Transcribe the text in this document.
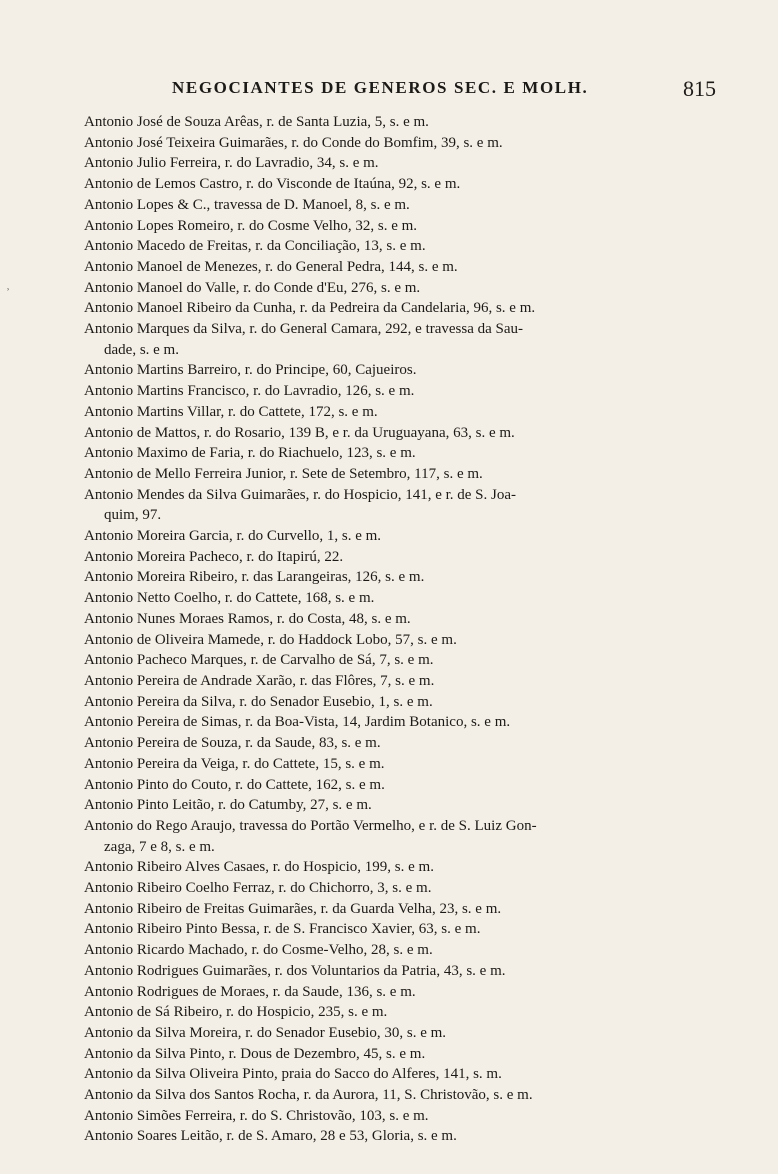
NEGOCIANTES DE GENEROS SEC. E MOLH.	815
˒
Antonio José de Souza Arêas, r. de Santa Luzia, 5, s. e m.
Antonio José Teixeira Guimarães, r. do Conde do Bomfim, 39, s. e m.
Antonio Julio Ferreira, r. do Lavradio, 34, s. e m.
Antonio de Lemos Castro, r. do Visconde de Itaúna, 92, s. e m.
Antonio Lopes & C., travessa de D. Manoel, 8, s. e m.
Antonio Lopes Romeiro, r. do Cosme Velho, 32, s. e m.
Antonio Macedo de Freitas, r. da Conciliação, 13, s. e m.
Antonio Manoel de Menezes, r. do General Pedra, 144, s. e m.
Antonio Manoel do Valle, r. do Conde d'Eu, 276, s. e m.
Antonio Manoel Ribeiro da Cunha, r. da Pedreira da Candelaria, 96, s. e m.
Antonio Marques da Silva, r. do General Camara, 292, e travessa da Sau-
dade, s. e m.
Antonio Martins Barreiro, r. do Principe, 60, Cajueiros.
Antonio Martins Francisco, r. do Lavradio, 126, s. e m.
Antonio Martins Villar, r. do Cattete, 172, s. e m.
Antonio de Mattos, r. do Rosario, 139 B, e r. da Uruguayana, 63, s. e m.
Antonio Maximo de Faria, r. do Riachuelo, 123, s. e m.
Antonio de Mello Ferreira Junior, r. Sete de Setembro, 117, s. e m.
Antonio Mendes da Silva Guimarães, r. do Hospicio, 141, e r. de S. Joa-
quim, 97.
Antonio Moreira Garcia, r. do Curvello, 1, s. e m.
Antonio Moreira Pacheco, r. do Itapirú, 22.
Antonio Moreira Ribeiro, r. das Larangeiras, 126, s. e m.
Antonio Netto Coelho, r. do Cattete, 168, s. e m.
Antonio Nunes Moraes Ramos, r. do Costa, 48, s. e m.
Antonio de Oliveira Mamede, r. do Haddock Lobo, 57, s. e m.
Antonio Pacheco Marques, r. de Carvalho de Sá, 7, s. e m.
Antonio Pereira de Andrade Xarão, r. das Flôres, 7, s. e m.
Antonio Pereira da Silva, r. do Senador Eusebio, 1, s. e m.
Antonio Pereira de Simas, r. da Boa-Vista, 14, Jardim Botanico, s. e m.
Antonio Pereira de Souza, r. da Saude, 83, s. e m.
Antonio Pereira da Veiga, r. do Cattete, 15, s. e m.
Antonio Pinto do Couto, r. do Cattete, 162, s. e m.
Antonio Pinto Leitão, r. do Catumby, 27, s. e m.
Antonio do Rego Araujo, travessa do Portão Vermelho, e r. de S. Luiz Gon-
zaga, 7 e 8, s. e m.
Antonio Ribeiro Alves Casaes, r. do Hospicio, 199, s. e m.
Antonio Ribeiro Coelho Ferraz, r. do Chichorro, 3, s. e m.
Antonio Ribeiro de Freitas Guimarães, r. da Guarda Velha, 23, s. e m.
Antonio Ribeiro Pinto Bessa, r. de S. Francisco Xavier, 63, s. e m.
Antonio Ricardo Machado, r. do Cosme-Velho, 28, s. e m.
Antonio Rodrigues Guimarães, r. dos Voluntarios da Patria, 43, s. e m.
Antonio Rodrigues de Moraes, r. da Saude, 136, s. e m.
Antonio de Sá Ribeiro, r. do Hospicio, 235, s. e m.
Antonio da Silva Moreira, r. do Senador Eusebio, 30, s. e m.
Antonio da Silva Pinto, r. Dous de Dezembro, 45, s. e m.
Antonio da Silva Oliveira Pinto, praia do Sacco do Alferes, 141, s. m.
Antonio da Silva dos Santos Rocha, r. da Aurora, 11, S. Christovão, s. e m.
Antonio Simões Ferreira, r. do S. Christovão, 103, s. e m.
Antonio Soares Leitão, r. de S. Amaro, 28 e 53, Gloria, s. e m.
